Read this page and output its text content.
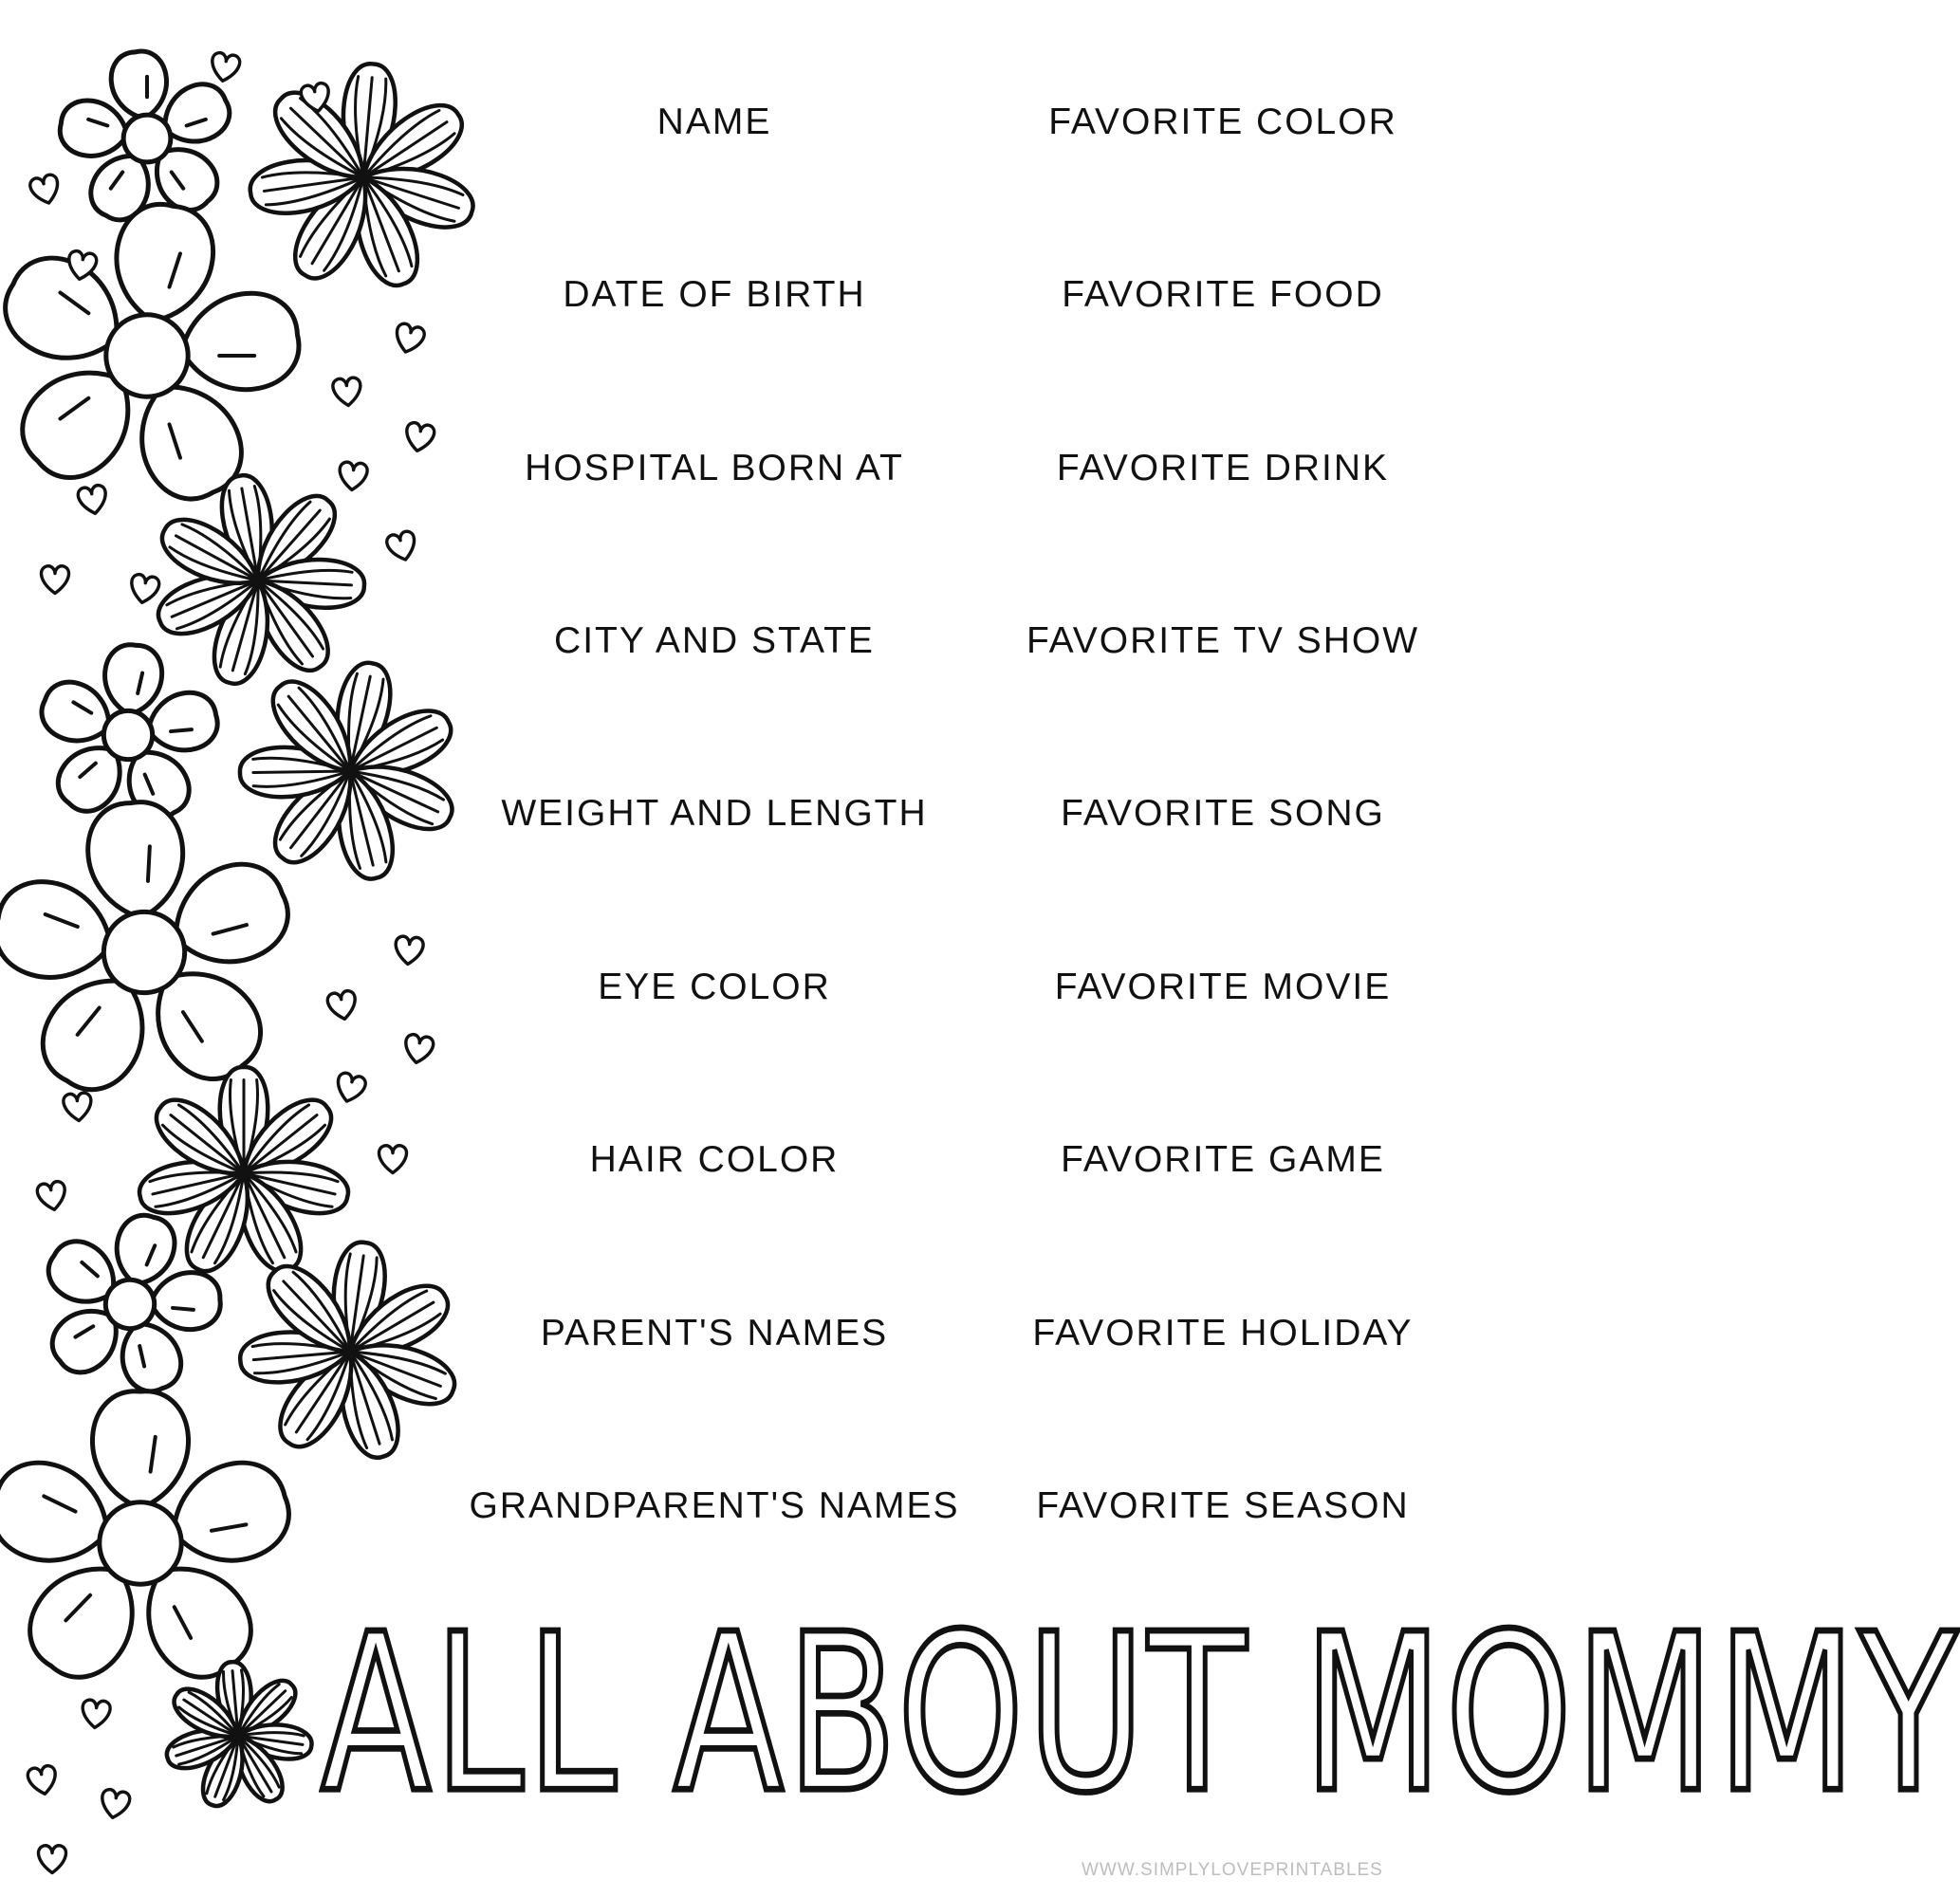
NAME
DATE OF BIRTH
HOSPITAL BORN AT
CITY AND STATE
WEIGHT AND LENGTH
EYE COLOR
HAIR COLOR
PARENT'S NAMES
GRANDPARENT'S NAMES
FAVORITE COLOR
FAVORITE FOOD
FAVORITE DRINK
FAVORITE TV SHOW
FAVORITE SONG
FAVORITE MOVIE
FAVORITE GAME
FAVORITE HOLIDAY
FAVORITE SEASON
ALL ABOUT MOMMY
WWW.SIMPLYLOVEPRINTABLES
